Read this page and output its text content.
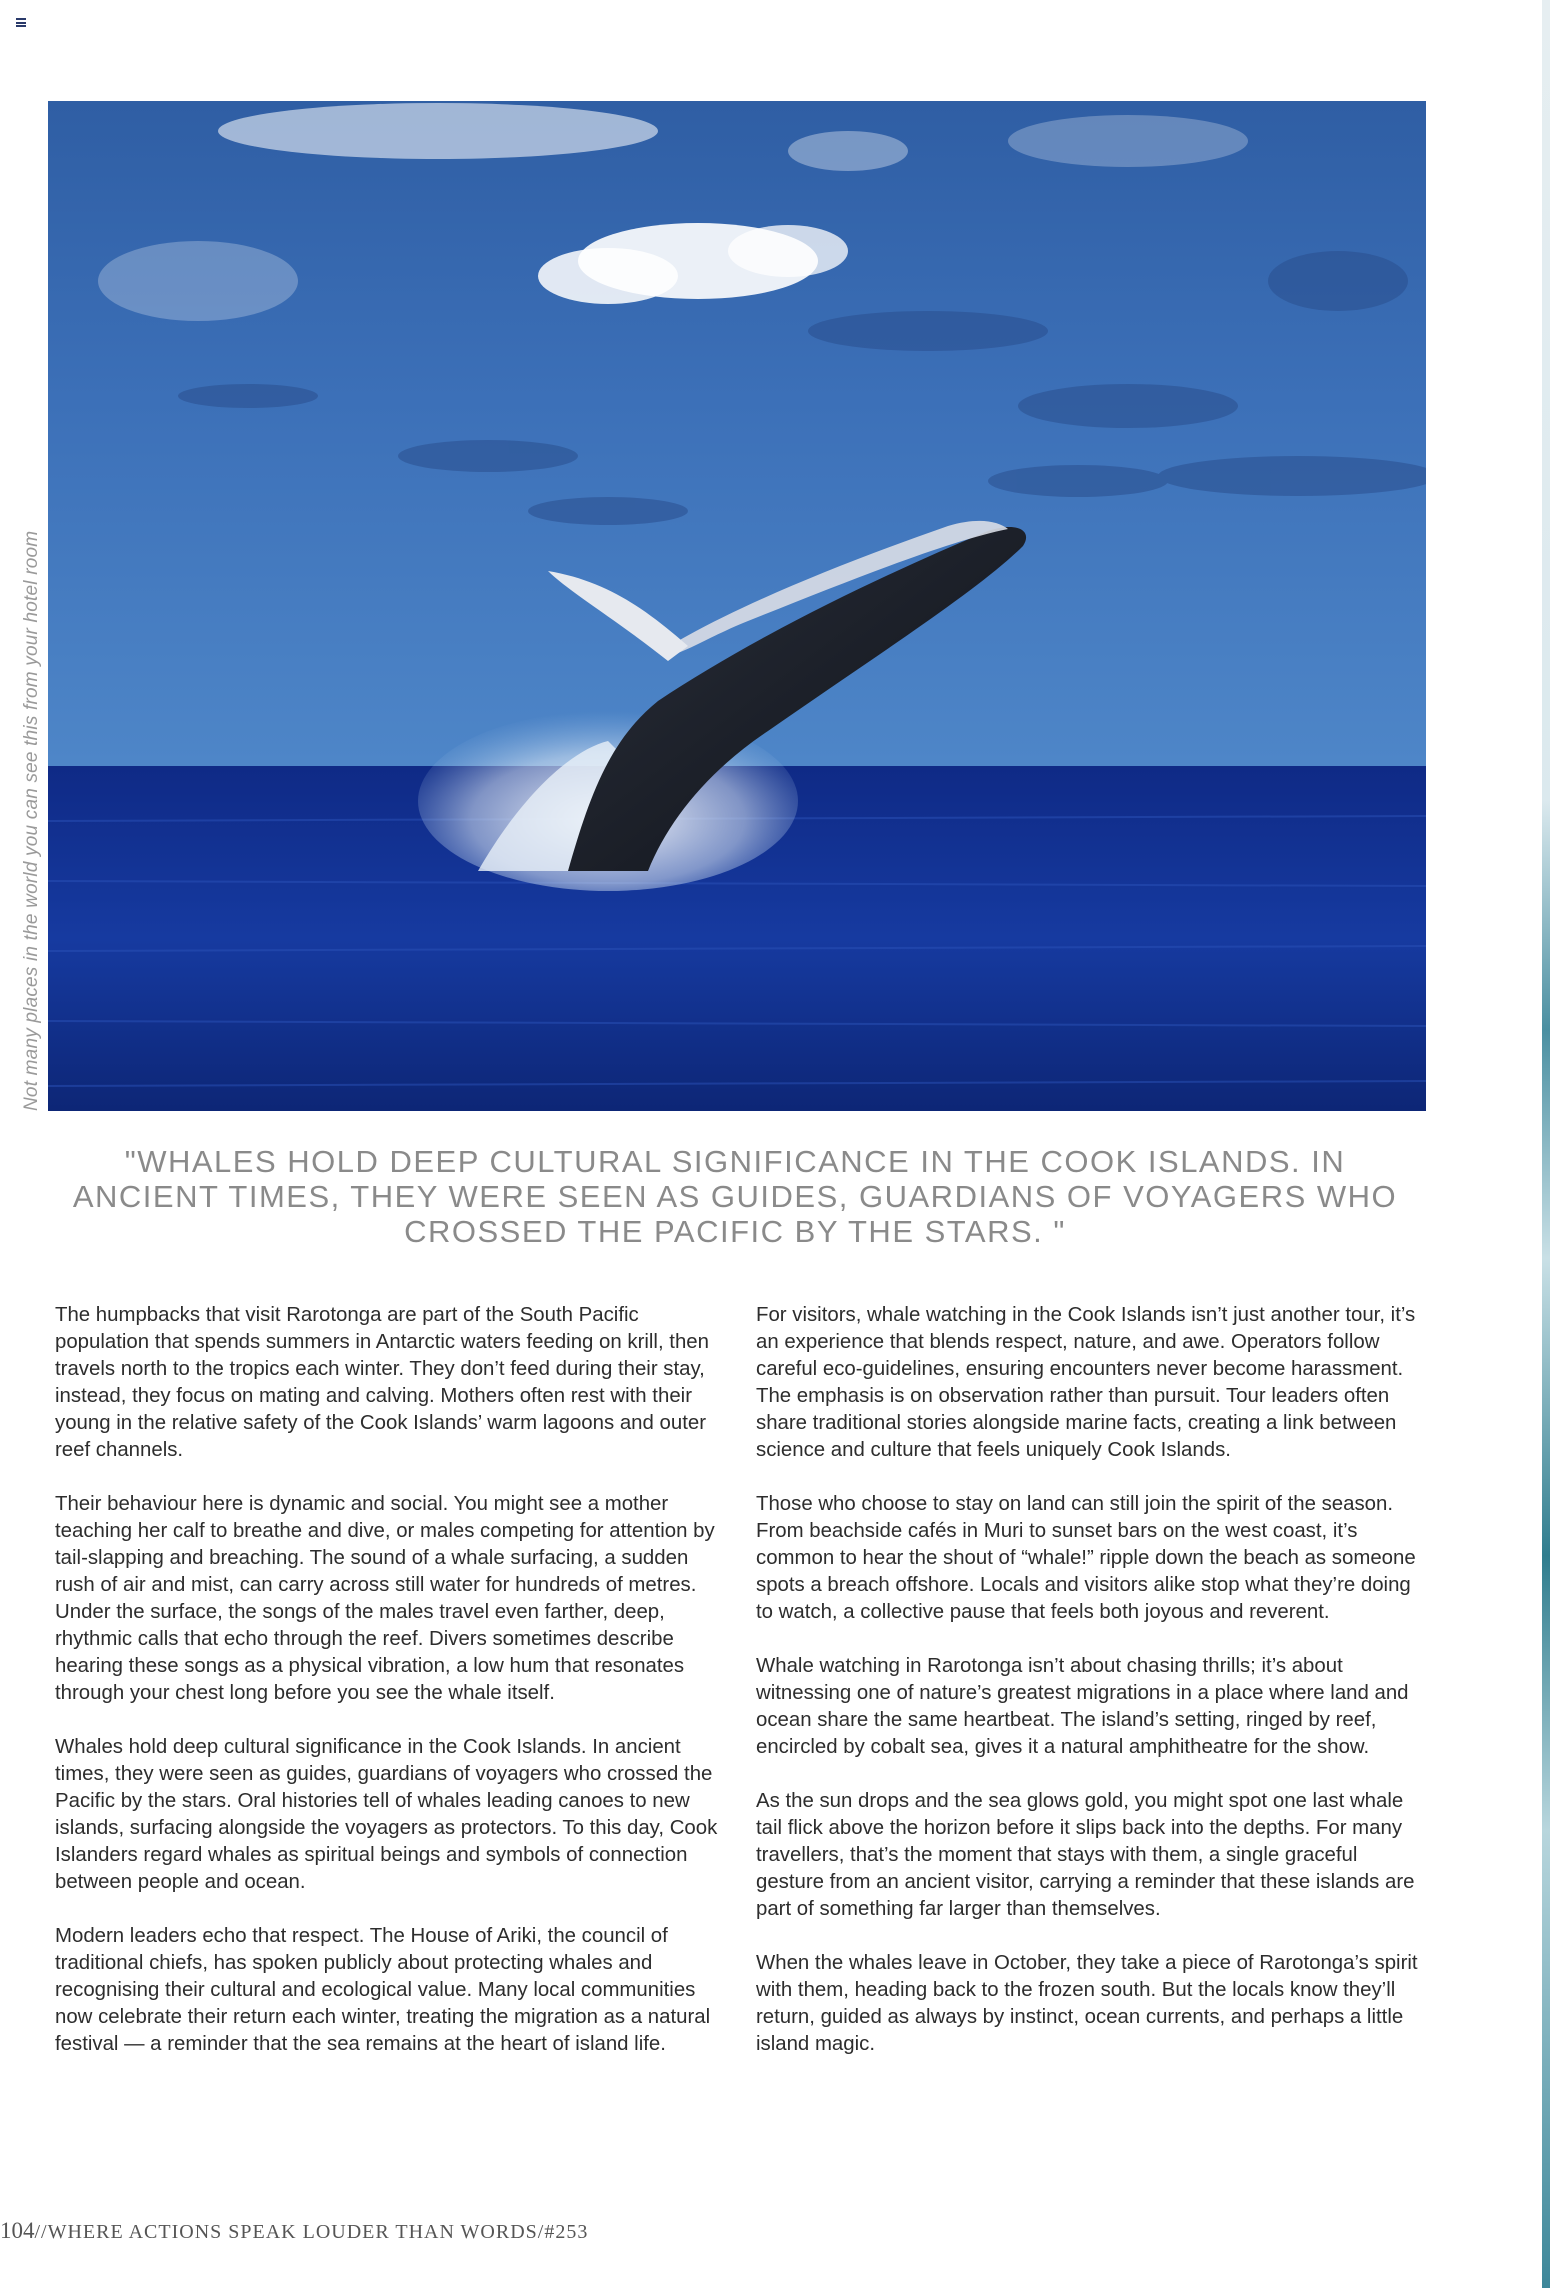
Not many places in the world you can see this from your hotel room
"WHALES HOLD DEEP CULTURAL SIGNIFICANCE IN THE COOK ISLANDS. IN ANCIENT TIMES, THEY WERE SEEN AS GUIDES, GUARDIANS OF VOYAGERS WHO CROSSED THE PACIFIC BY THE STARS. "

The humpbacks that visit Rarotonga are part of the South Pacific population that spends summers in Antarctic waters feeding on krill, then travels north to the tropics each winter. They don’t feed during their stay, instead, they focus on mating and calving. Mothers often rest with their young in the relative safety of the Cook Islands’ warm lagoons and outer reef channels.

Their behaviour here is dynamic and social. You might see a mother teaching her calf to breathe and dive, or males competing for attention by tail-slapping and breaching. The sound of a whale surfacing, a sudden rush of air and mist, can carry across still water for hundreds of metres. Under the surface, the songs of the males travel even farther, deep, rhythmic calls that echo through the reef. Divers sometimes describe hearing these songs as a physical vibration, a low hum that resonates through your chest long before you see the whale itself.

Whales hold deep cultural significance in the Cook Islands. In ancient times, they were seen as guides, guardians of voyagers who crossed the Pacific by the stars. Oral histories tell of whales leading canoes to new islands, surfacing alongside the voyagers as protectors. To this day, Cook Islanders regard whales as spiritual beings and symbols of connection between people and ocean.

Modern leaders echo that respect. The House of Ariki, the council of traditional chiefs, has spoken publicly about protecting whales and recognising their cultural and ecological value. Many local communities now celebrate their return each winter, treating the migration as a natural festival — a reminder that the sea remains at the heart of island life.

For visitors, whale watching in the Cook Islands isn’t just another tour, it’s an experience that blends respect, nature, and awe. Operators follow careful eco-guidelines, ensuring encounters never become harassment. The emphasis is on observation rather than pursuit. Tour leaders often share traditional stories alongside marine facts, creating a link between science and culture that feels uniquely Cook Islands.

Those who choose to stay on land can still join the spirit of the season. From beachside cafés in Muri to sunset bars on the west coast, it’s common to hear the shout of “whale!” ripple down the beach as someone spots a breach offshore. Locals and visitors alike stop what they’re doing to watch, a collective pause that feels both joyous and reverent.

Whale watching in Rarotonga isn’t about chasing thrills; it’s about witnessing one of nature’s greatest migrations in a place where land and ocean share the same heartbeat. The island’s setting, ringed by reef, encircled by cobalt sea, gives it a natural amphitheatre for the show.

As the sun drops and the sea glows gold, you might spot one last whale tail flick above the horizon before it slips back into the depths. For many travellers, that’s the moment that stays with them, a single graceful gesture from an ancient visitor, carrying a reminder that these islands are part of something far larger than themselves.

When the whales leave in October, they take a piece of Rarotonga’s spirit with them, heading back to the frozen south. But the locals know they’ll return, guided as always by instinct, ocean currents, and perhaps a little island magic.

104//WHERE ACTIONS SPEAK LOUDER THAN WORDS/#253
